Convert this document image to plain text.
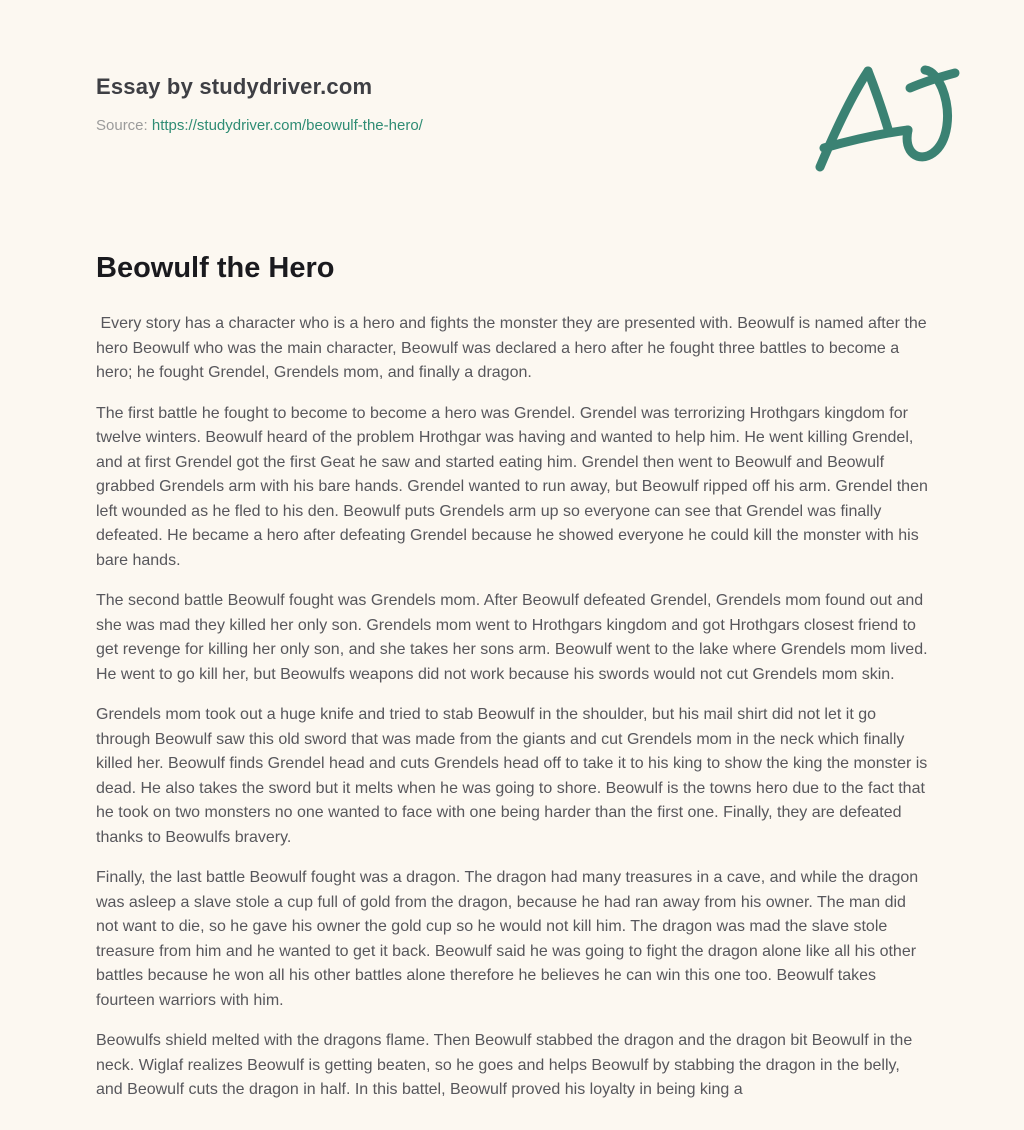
Essay by studydriver.com

Source: https://studydriver.com/beowulf-the-hero/

Beowulf the Hero

Every story has a character who is a hero and fights the monster they are presented with. Beowulf is named after the hero Beowulf who was the main character, Beowulf was declared a hero after he fought three battles to become a hero; he fought Grendel, Grendels mom, and finally a dragon.

The first battle he fought to become to become a hero was Grendel. Grendel was terrorizing Hrothgars kingdom for twelve winters. Beowulf heard of the problem Hrothgar was having and wanted to help him. He went killing Grendel, and at first Grendel got the first Geat he saw and started eating him. Grendel then went to Beowulf and Beowulf grabbed Grendels arm with his bare hands. Grendel wanted to run away, but Beowulf ripped off his arm. Grendel then left wounded as he fled to his den. Beowulf puts Grendels arm up so everyone can see that Grendel was finally defeated. He became a hero after defeating Grendel because he showed everyone he could kill the monster with his bare hands.

The second battle Beowulf fought was Grendels mom. After Beowulf defeated Grendel, Grendels mom found out and she was mad they killed her only son. Grendels mom went to Hrothgars kingdom and got Hrothgars closest friend to get revenge for killing her only son, and she takes her sons arm. Beowulf went to the lake where Grendels mom lived. He went to go kill her, but Beowulfs weapons did not work because his swords would not cut Grendels mom skin.

Grendels mom took out a huge knife and tried to stab Beowulf in the shoulder, but his mail shirt did not let it go through Beowulf saw this old sword that was made from the giants and cut Grendels mom in the neck which finally killed her. Beowulf finds Grendel head and cuts Grendels head off to take it to his king to show the king the monster is dead. He also takes the sword but it melts when he was going to shore. Beowulf is the towns hero due to the fact that he took on two monsters no one wanted to face with one being harder than the first one. Finally, they are defeated thanks to Beowulfs bravery.

Finally, the last battle Beowulf fought was a dragon. The dragon had many treasures in a cave, and while the dragon was asleep a slave stole a cup full of gold from the dragon, because he had ran away from his owner. The man did not want to die, so he gave his owner the gold cup so he would not kill him. The dragon was mad the slave stole treasure from him and he wanted to get it back. Beowulf said he was going to fight the dragon alone like all his other battles because he won all his other battles alone therefore he believes he can win this one too. Beowulf takes fourteen warriors with him.

Beowulfs shield melted with the dragons flame. Then Beowulf stabbed the dragon and the dragon bit Beowulf in the neck. Wiglaf realizes Beowulf is getting beaten, so he goes and helps Beowulf by stabbing the dragon in the belly, and Beowulf cuts the dragon in half. In this battel, Beowulf proved his loyalty in being king a
